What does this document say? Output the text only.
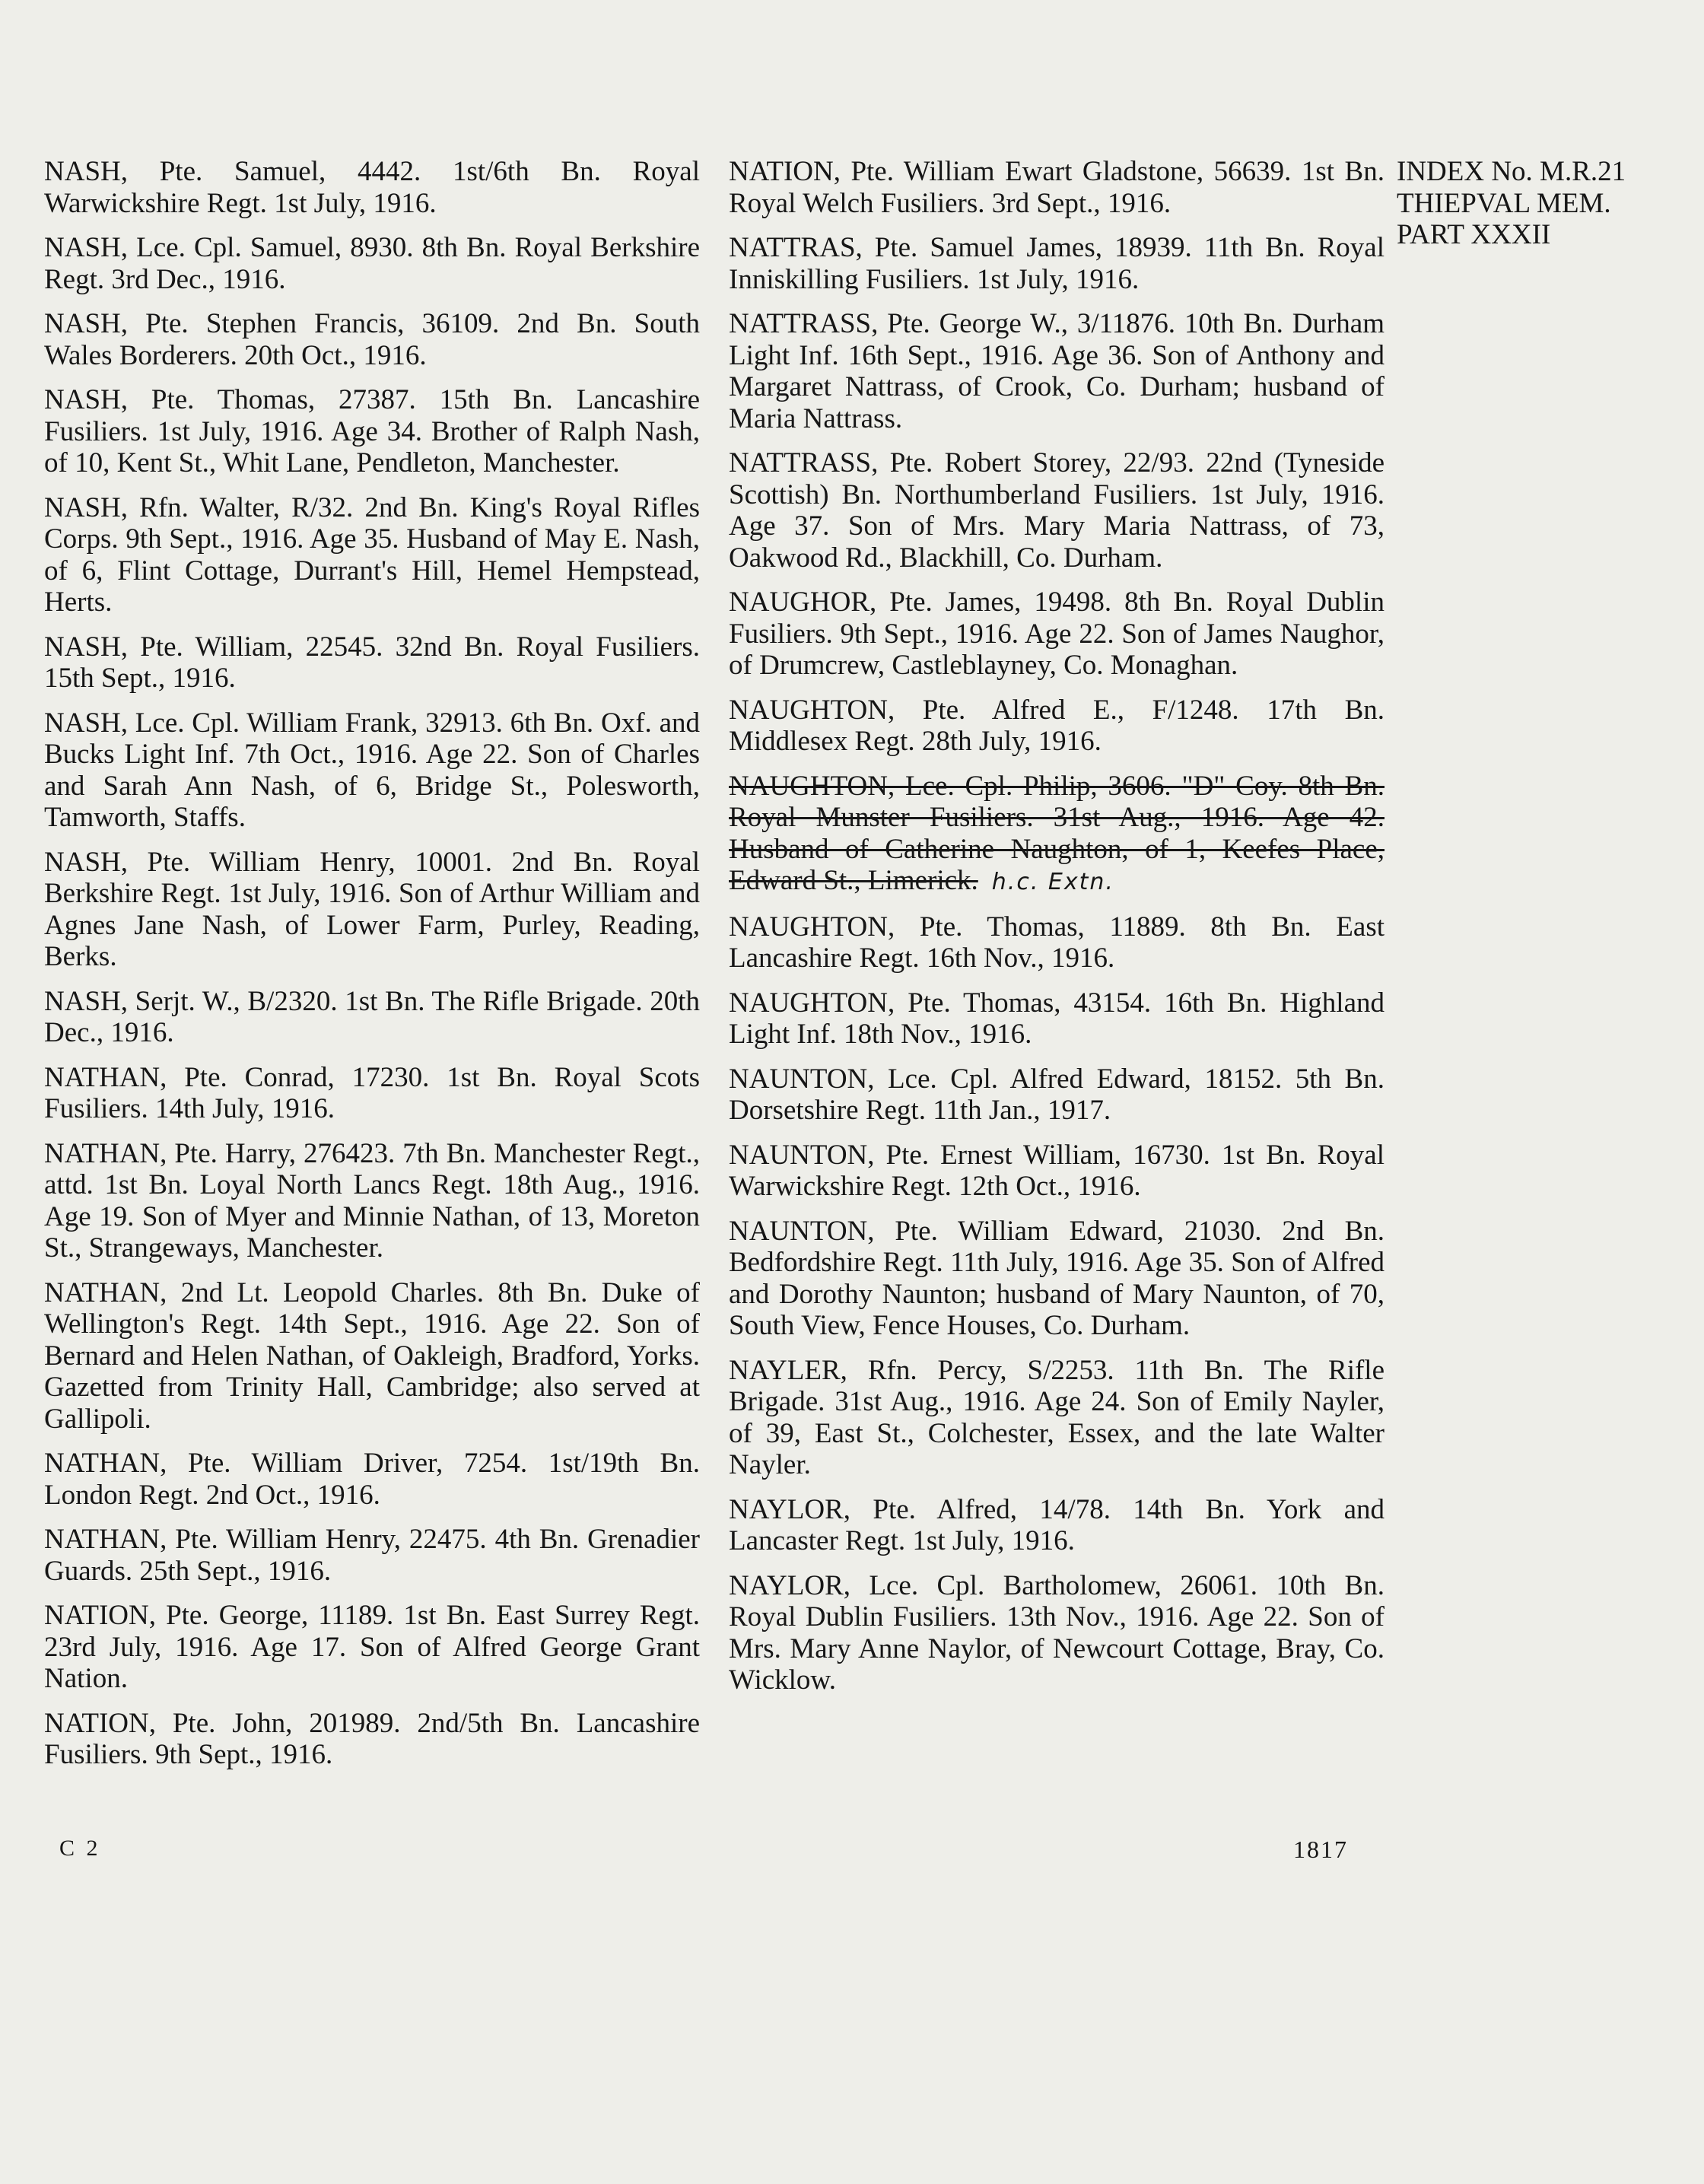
NASH, Pte. Samuel, 4442. 1st/6th Bn. Royal Warwickshire Regt. 1st July, 1916.

NASH, Lce. Cpl. Samuel, 8930. 8th Bn. Royal Berkshire Regt. 3rd Dec., 1916.

NASH, Pte. Stephen Francis, 36109. 2nd Bn. South Wales Borderers. 20th Oct., 1916.

NASH, Pte. Thomas, 27387. 15th Bn. Lancashire Fusiliers. 1st July, 1916. Age 34. Brother of Ralph Nash, of 10, Kent St., Whit Lane, Pendleton, Manchester.

NASH, Rfn. Walter, R/32. 2nd Bn. King's Royal Rifles Corps. 9th Sept., 1916. Age 35. Husband of May E. Nash, of 6, Flint Cottage, Durrant's Hill, Hemel Hempstead, Herts.

NASH, Pte. William, 22545. 32nd Bn. Royal Fusiliers. 15th Sept., 1916.

NASH, Lce. Cpl. William Frank, 32913. 6th Bn. Oxf. and Bucks Light Inf. 7th Oct., 1916. Age 22. Son of Charles and Sarah Ann Nash, of 6, Bridge St., Polesworth, Tamworth, Staffs.

NASH, Pte. William Henry, 10001. 2nd Bn. Royal Berkshire Regt. 1st July, 1916. Son of Arthur William and Agnes Jane Nash, of Lower Farm, Purley, Reading, Berks.

NASH, Serjt. W., B/2320. 1st Bn. The Rifle Brigade. 20th Dec., 1916.

NATHAN, Pte. Conrad, 17230. 1st Bn. Royal Scots Fusiliers. 14th July, 1916.

NATHAN, Pte. Harry, 276423. 7th Bn. Manchester Regt., attd. 1st Bn. Loyal North Lancs Regt. 18th Aug., 1916. Age 19. Son of Myer and Minnie Nathan, of 13, Moreton St., Strangeways, Manchester.

NATHAN, 2nd Lt. Leopold Charles. 8th Bn. Duke of Wellington's Regt. 14th Sept., 1916. Age 22. Son of Bernard and Helen Nathan, of Oakleigh, Bradford, Yorks. Gazetted from Trinity Hall, Cambridge; also served at Gallipoli.

NATHAN, Pte. William Driver, 7254. 1st/19th Bn. London Regt. 2nd Oct., 1916.

NATHAN, Pte. William Henry, 22475. 4th Bn. Grenadier Guards. 25th Sept., 1916.

NATION, Pte. George, 11189. 1st Bn. East Surrey Regt. 23rd July, 1916. Age 17. Son of Alfred George Grant Nation.

NATION, Pte. John, 201989. 2nd/5th Bn. Lancashire Fusiliers. 9th Sept., 1916.

NATION, Pte. William Ewart Gladstone, 56639. 1st Bn. Royal Welch Fusiliers. 3rd Sept., 1916.

NATTRAS, Pte. Samuel James, 18939. 11th Bn. Royal Inniskilling Fusiliers. 1st July, 1916.

NATTRASS, Pte. George W., 3/11876. 10th Bn. Durham Light Inf. 16th Sept., 1916. Age 36. Son of Anthony and Margaret Nattrass, of Crook, Co. Durham; husband of Maria Nattrass.

NATTRASS, Pte. Robert Storey, 22/93. 22nd (Tyneside Scottish) Bn. Northumberland Fusiliers. 1st July, 1916. Age 37. Son of Mrs. Mary Maria Nattrass, of 73, Oakwood Rd., Blackhill, Co. Durham.

NAUGHOR, Pte. James, 19498. 8th Bn. Royal Dublin Fusiliers. 9th Sept., 1916. Age 22. Son of James Naughor, of Drumcrew, Castleblayney, Co. Monaghan.

NAUGHTON, Pte. Alfred E., F/1248. 17th Bn. Middlesex Regt. 28th July, 1916.

NAUGHTON, Lce. Cpl. Philip, 3606. "D" Coy. 8th Bn. Royal Munster Fusiliers. 31st Aug., 1916. Age 42. Husband of Catherine Naughton, of 1, Keefes Place, Edward St., Limerick. h.c. Extn.

NAUGHTON, Pte. Thomas, 11889. 8th Bn. East Lancashire Regt. 16th Nov., 1916.

NAUGHTON, Pte. Thomas, 43154. 16th Bn. Highland Light Inf. 18th Nov., 1916.

NAUNTON, Lce. Cpl. Alfred Edward, 18152. 5th Bn. Dorsetshire Regt. 11th Jan., 1917.

NAUNTON, Pte. Ernest William, 16730. 1st Bn. Royal Warwickshire Regt. 12th Oct., 1916.

NAUNTON, Pte. William Edward, 21030. 2nd Bn. Bedfordshire Regt. 11th July, 1916. Age 35. Son of Alfred and Dorothy Naunton; husband of Mary Naunton, of 70, South View, Fence Houses, Co. Durham.

NAYLER, Rfn. Percy, S/2253. 11th Bn. The Rifle Brigade. 31st Aug., 1916. Age 24. Son of Emily Nayler, of 39, East St., Colchester, Essex, and the late Walter Nayler.

NAYLOR, Pte. Alfred, 14/78. 14th Bn. York and Lancaster Regt. 1st July, 1916.

NAYLOR, Lce. Cpl. Bartholomew, 26061. 10th Bn. Royal Dublin Fusiliers. 13th Nov., 1916. Age 22. Son of Mrs. Mary Anne Naylor, of Newcourt Cottage, Bray, Co. Wicklow.

INDEX No. M.R.21
THIEPVAL MEM.
PART XXXII
C 2	1817
